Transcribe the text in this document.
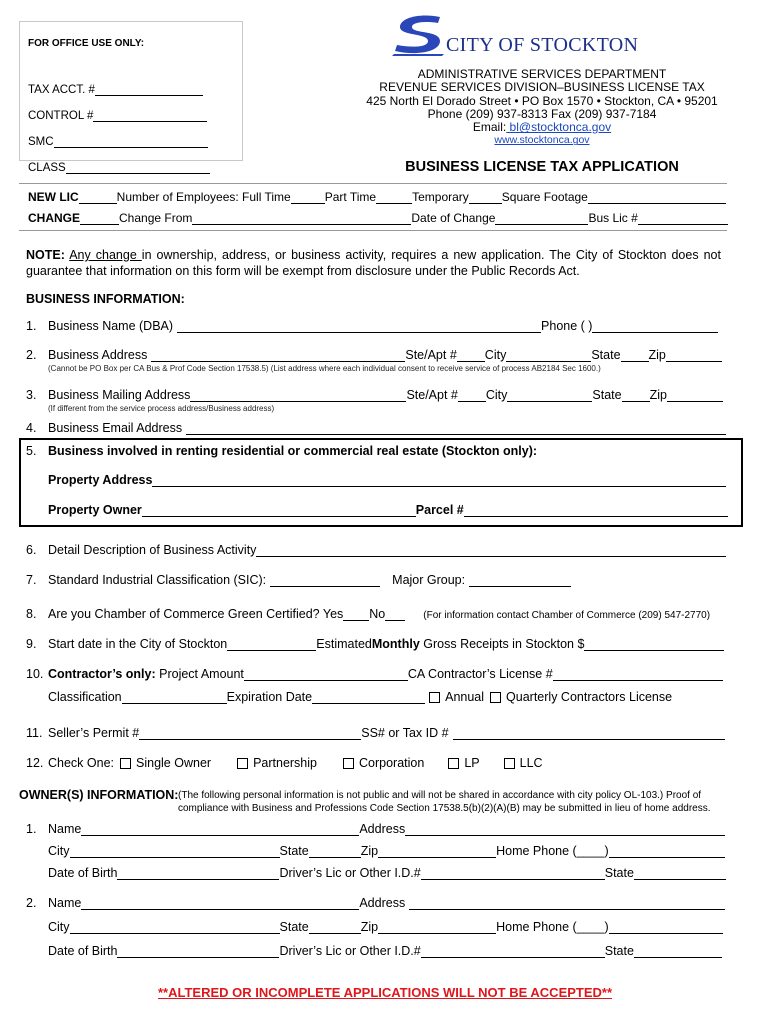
FOR OFFICE USE ONLY:
TAX ACCT. #
CONTROL #
SMC
CLASS
CITY OF STOCKTON
ADMINISTRATIVE SERVICES DEPARTMENT
REVENUE SERVICES DIVISION–BUSINESS LICENSE TAX
425 North El Dorado Street • PO Box 1570 • Stockton, CA • 95201
Phone (209) 937-8313 Fax (209) 937-7184
Email: bl@stocktonca.gov
www.stocktonca.gov
BUSINESS LICENSE TAX APPLICATION
NEW LIC	Number of Employees: Full Time	Part Time	Temporary	Square Footage
CHANGE	Change From	Date of Change	Bus Lic #
NOTE: Any change in ownership, address, or business activity, requires a new application. The City of Stockton does not guarantee that information on this form will be exempt from disclosure under the Public Records Act.
BUSINESS INFORMATION:
1. Business Name (DBA)	Phone ( )
2. Business Address	Ste/Apt # City	State Zip
(Cannot be PO Box per CA Bus & Prof Code Section 17538.5) (List address where each individual consent to receive service of process AB2184 Sec 1600.)
3. Business Mailing Address	Ste/Apt # City	State Zip
(If different from the service process address/Business address)
4. Business Email Address
5. Business involved in renting residential or commercial real estate (Stockton only):
Property Address
Property Owner	Parcel #
6. Detail Description of Business Activity
7. Standard Industrial Classification (SIC):	Major Group:
8. Are you Chamber of Commerce Green Certified? Yes No	(For information contact Chamber of Commerce (209) 547-2770)
9. Start date in the City of Stockton	Estimated Monthly Gross Receipts in Stockton $
10. Contractor’s only: Project Amount	CA Contractor’s License #
Classification	Expiration Date	Annual Quarterly Contractors License
11. Seller’s Permit #	SS# or Tax ID #
12. Check One: Single Owner	Partnership	Corporation	LP	LLC
OWNER(S) INFORMATION: (The following personal information is not public and will not be shared in accordance with city policy OL-103.) Proof of compliance with Business and Professions Code Section 17538.5(b)(2)(A)(B) may be submitted in lieu of home address.
1. Name	Address
City	State	Zip	Home Phone (____)
Date of Birth	Driver’s Lic or Other I.D.#	State
2. Name	Address
City	State	Zip	Home Phone (____)
Date of Birth	Driver’s Lic or Other I.D.#	State
**ALTERED OR INCOMPLETE APPLICATIONS WILL NOT BE ACCEPTED**
